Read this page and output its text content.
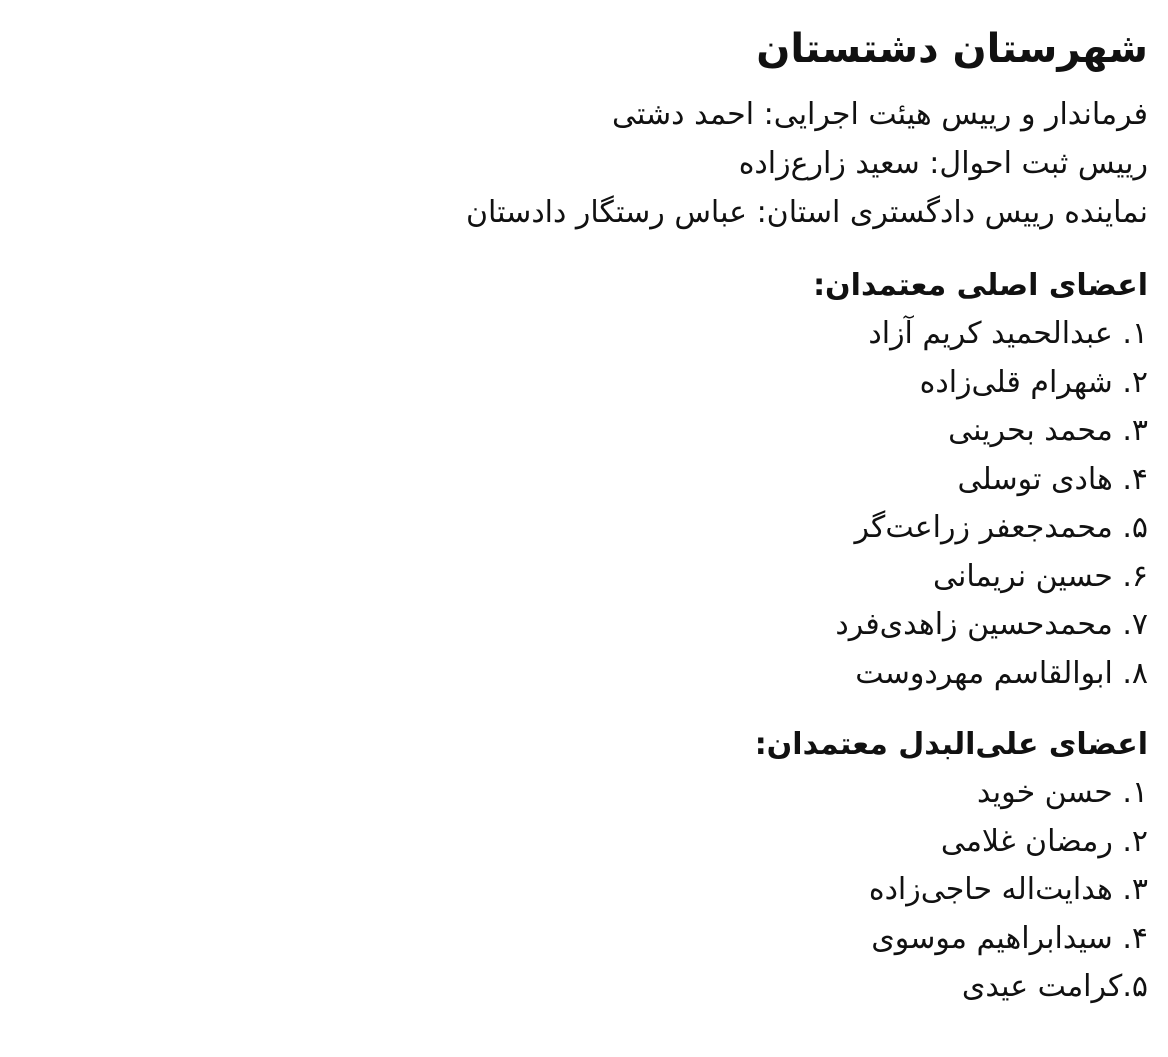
شهرستان دشتستان
فرماندار و رییس هیئت اجرایی: احمد دشتی
رییس ثبت احوال: سعید زارع‌زاده
نماینده رییس دادگستری استان: عباس رستگار دادستان
اعضای اصلی معتمدان:
۱. عبدالحمید کریم آزاد
۲. شهرام قلی‌زاده
۳. محمد بحرینی
۴. هادی توسلی
۵. محمدجعفر زراعت‌گر
۶. حسین نریمانی
۷. محمدحسین زاهدی‌فرد
۸. ابوالقاسم مهردوست
اعضای علی‌البدل معتمدان:
۱. حسن خوید
۲. رمضان غلامی
۳. هدایت‌اله حاجی‌زاده
۴. سیدابراهیم موسوی
۵.کرامت عیدی
